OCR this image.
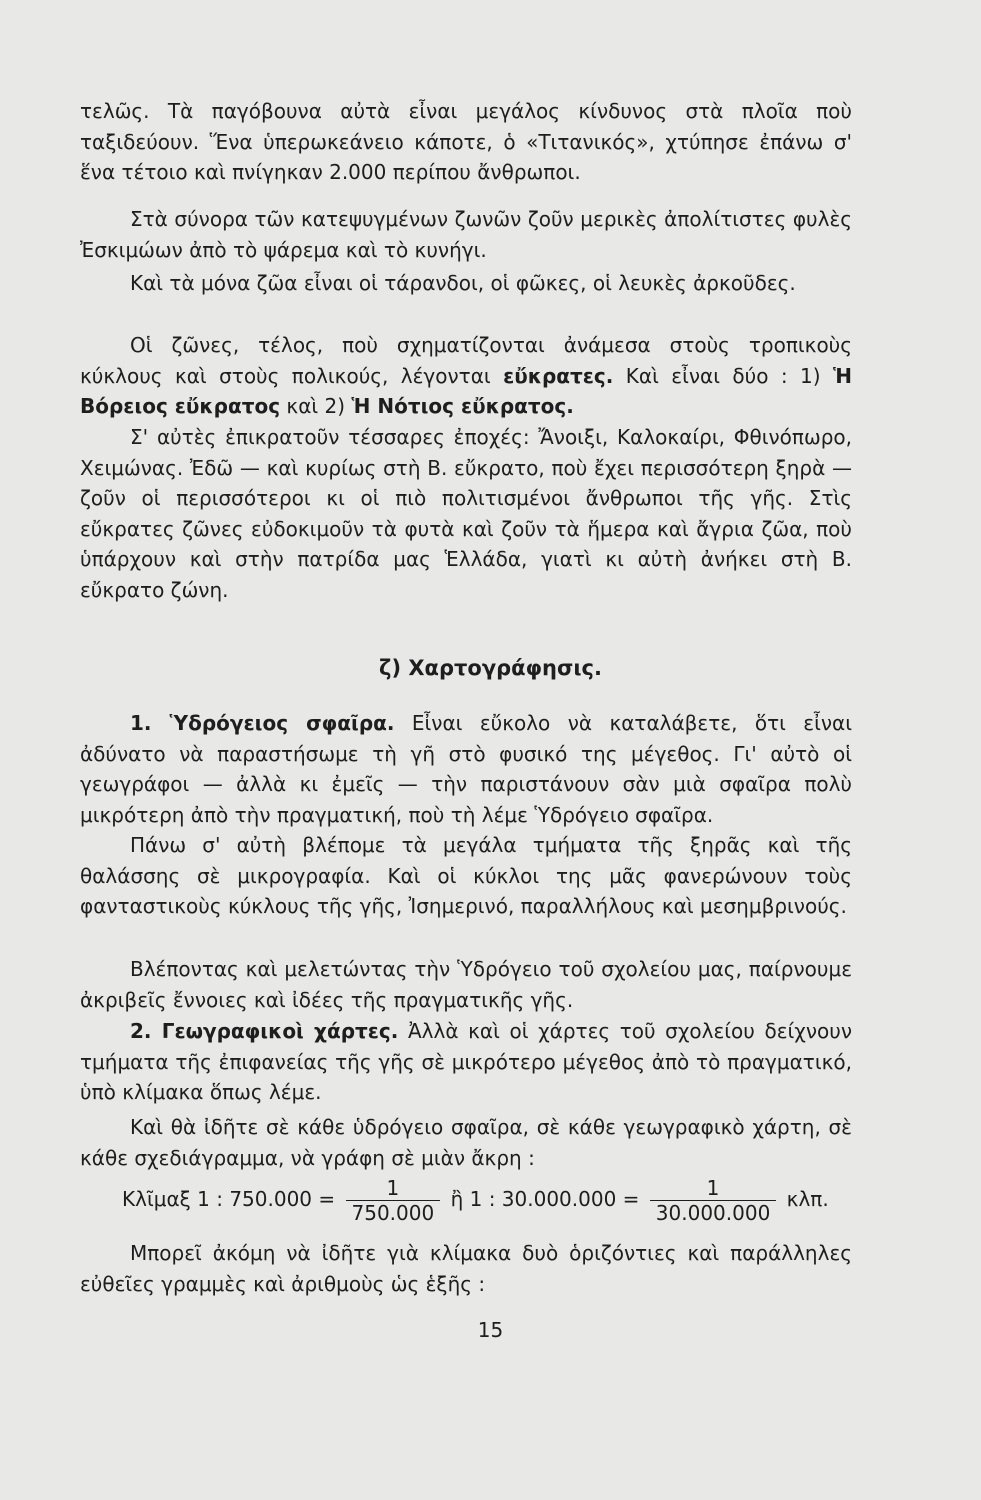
τελῶς. Τὰ παγόβουνα αὐτὰ εἶναι μεγάλος κίνδυνος στὰ πλοῖα ποὺ ταξιδεύουν. Ἕνα ὑπερωκεάνειο κάποτε, ὁ «Τιτανικός», χτύπησε ἐπάνω σ' ἕνα τέτοιο καὶ πνίγηκαν 2.000 περίπου ἄνθρωποι.
Στὰ σύνορα τῶν κατεψυγμένων ζωνῶν ζοῦν μερικὲς ἀπολίτιστες φυλὲς Ἐσκιμώων ἀπὸ τὸ ψάρεμα καὶ τὸ κυνήγι.
Καὶ τὰ μόνα ζῶα εἶναι οἱ τάρανδοι, οἱ φῶκες, οἱ λευκὲς ἀρκοῦδες.
Οἱ ζῶνες, τέλος, ποὺ σχηματίζονται ἀνάμεσα στοὺς τροπικοὺς κύκλους καὶ στοὺς πολικούς, λέγονται εὔκρατες. Καὶ εἶναι δύο : 1) Ἡ Βόρειος εὔκρατος καὶ 2) Ἡ Νότιος εὔκρατος.
Σ' αὐτὲς ἐπικρατοῦν τέσσαρες ἐποχές: Ἄνοιξι, Καλοκαίρι, Φθινόπωρο, Χειμώνας. Ἐδῶ — καὶ κυρίως στὴ Β. εὔκρατο, ποὺ ἔχει περισσότερη ξηρὰ — ζοῦν οἱ περισσότεροι κι οἱ πιὸ πολιτισμένοι ἄνθρωποι τῆς γῆς. Στὶς εὔκρατες ζῶνες εὐδοκιμοῦν τὰ φυτὰ καὶ ζοῦν τὰ ἥμερα καὶ ἄγρια ζῶα, ποὺ ὑπάρχουν καὶ στὴν πατρίδα μας Ἑλλάδα, γιατὶ κι αὐτὴ ἀνήκει στὴ Β. εὔκρατο ζώνη.
ζ) Χαρτογράφησις.
1. Ὑδρόγειος σφαῖρα. Εἶναι εὔκολο νὰ καταλάβετε, ὅτι εἶναι ἀδύνατο νὰ παραστήσωμε τὴ γῆ στὸ φυσικό της μέγεθος. Γι' αὐτὸ οἱ γεωγράφοι — ἀλλὰ κι ἐμεῖς — τὴν παριστάνουν σὰν μιὰ σφαῖρα πολὺ μικρότερη ἀπὸ τὴν πραγματική, ποὺ τὴ λέμε Ὑδρόγειο σφαῖρα.
Πάνω σ' αὐτὴ βλέπομε τὰ μεγάλα τμήματα τῆς ξηρᾶς καὶ τῆς θαλάσσης σὲ μικρογραφία. Καὶ οἱ κύκλοι της μᾶς φανερώνουν τοὺς φανταστικοὺς κύκλους τῆς γῆς, Ἰσημερινό, παραλλήλους καὶ μεσημβρινούς.
Βλέποντας καὶ μελετώντας τὴν Ὑδρόγειο τοῦ σχολείου μας, παίρνουμε ἀκριβεῖς ἔννοιες καὶ ἰδέες τῆς πραγματικῆς γῆς.
2. Γεωγραφικοὶ χάρτες. Ἀλλὰ καὶ οἱ χάρτες τοῦ σχολείου δείχνουν τμήματα τῆς ἐπιφανείας τῆς γῆς σὲ μικρότερο μέγεθος ἀπὸ τὸ πραγματικό, ὑπὸ κλίμακα ὅπως λέμε.
Καὶ θὰ ἰδῆτε σὲ κάθε ὑδρόγειο σφαῖρα, σὲ κάθε γεωγραφικὸ χάρτη, σὲ κάθε σχεδιάγραμμα, νὰ γράφη σὲ μιὰν ἄκρη :
Κλῖμαξ 1 : $750.000 = \frac{1}{750.000}$ ἢ 1 : $30.000.000 = \frac{1}{30.000.000} \kappa\lambda\pi$.
Μπορεῖ ἀκόμη νὰ ἰδῆτε γιὰ κλίμακα δυὸ ὁριζόντιες καὶ παράλληλες εὐθεῖες γραμμὲς καὶ ἀριθμοὺς ὡς ἑξῆς :
15
